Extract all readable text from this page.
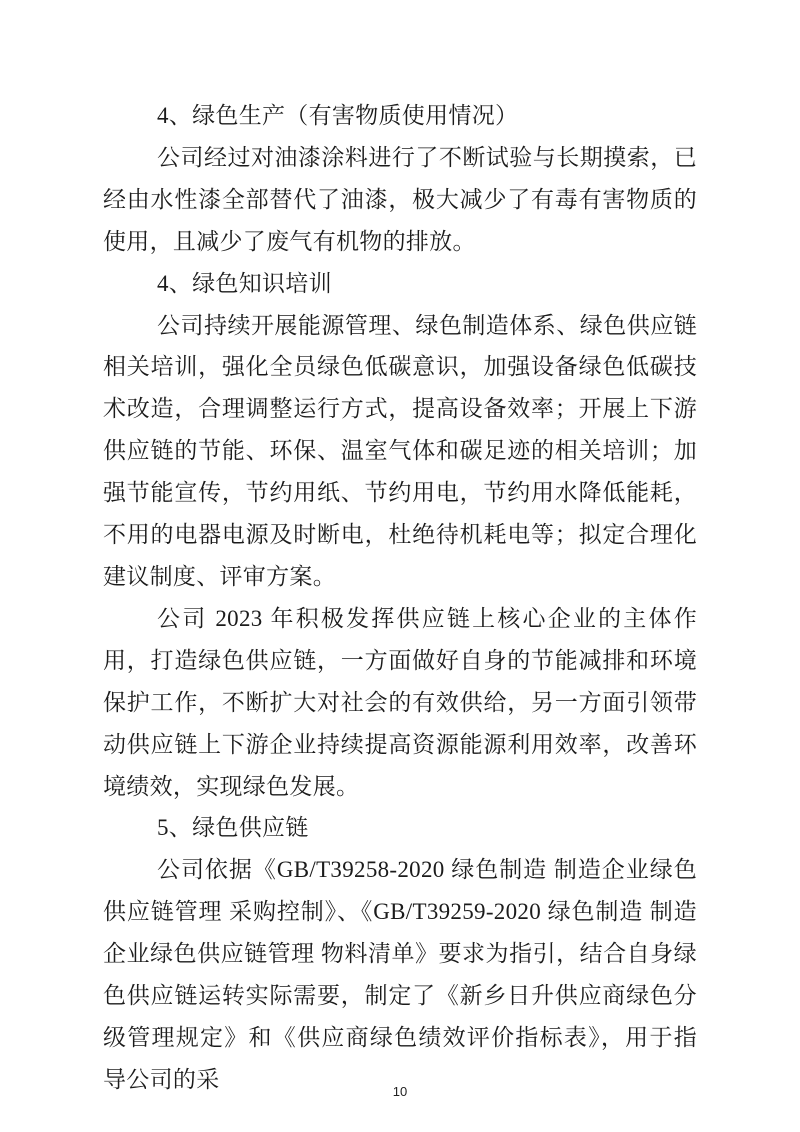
4、绿色生产（有害物质使用情况）

公司经过对油漆涂料进行了不断试验与长期摸索，已经由水性漆全部替代了油漆，极大减少了有毒有害物质的使用，且减少了废气有机物的排放。

4、绿色知识培训

公司持续开展能源管理、绿色制造体系、绿色供应链相关培训，强化全员绿色低碳意识，加强设备绿色低碳技术改造，合理调整运行方式，提高设备效率；开展上下游供应链的节能、环保、温室气体和碳足迹的相关培训；加强节能宣传，节约用纸、节约用电，节约用水降低能耗，不用的电器电源及时断电，杜绝待机耗电等；拟定合理化建议制度、评审方案。

公司 2023 年积极发挥供应链上核心企业的主体作用，打造绿色供应链，一方面做好自身的节能减排和环境保护工作，不断扩大对社会的有效供给，另一方面引领带动供应链上下游企业持续提高资源能源利用效率，改善环境绩效，实现绿色发展。

5、绿色供应链

公司依据《GB/T39258-2020 绿色制造 制造企业绿色供应链管理 采购控制》、《GB/T39259-2020 绿色制造 制造企业绿色供应链管理 物料清单》要求为指引，结合自身绿色供应链运转实际需要，制定了《新乡日升供应商绿色分级管理规定》和《供应商绿色绩效评价指标表》，用于指导公司的采	10
